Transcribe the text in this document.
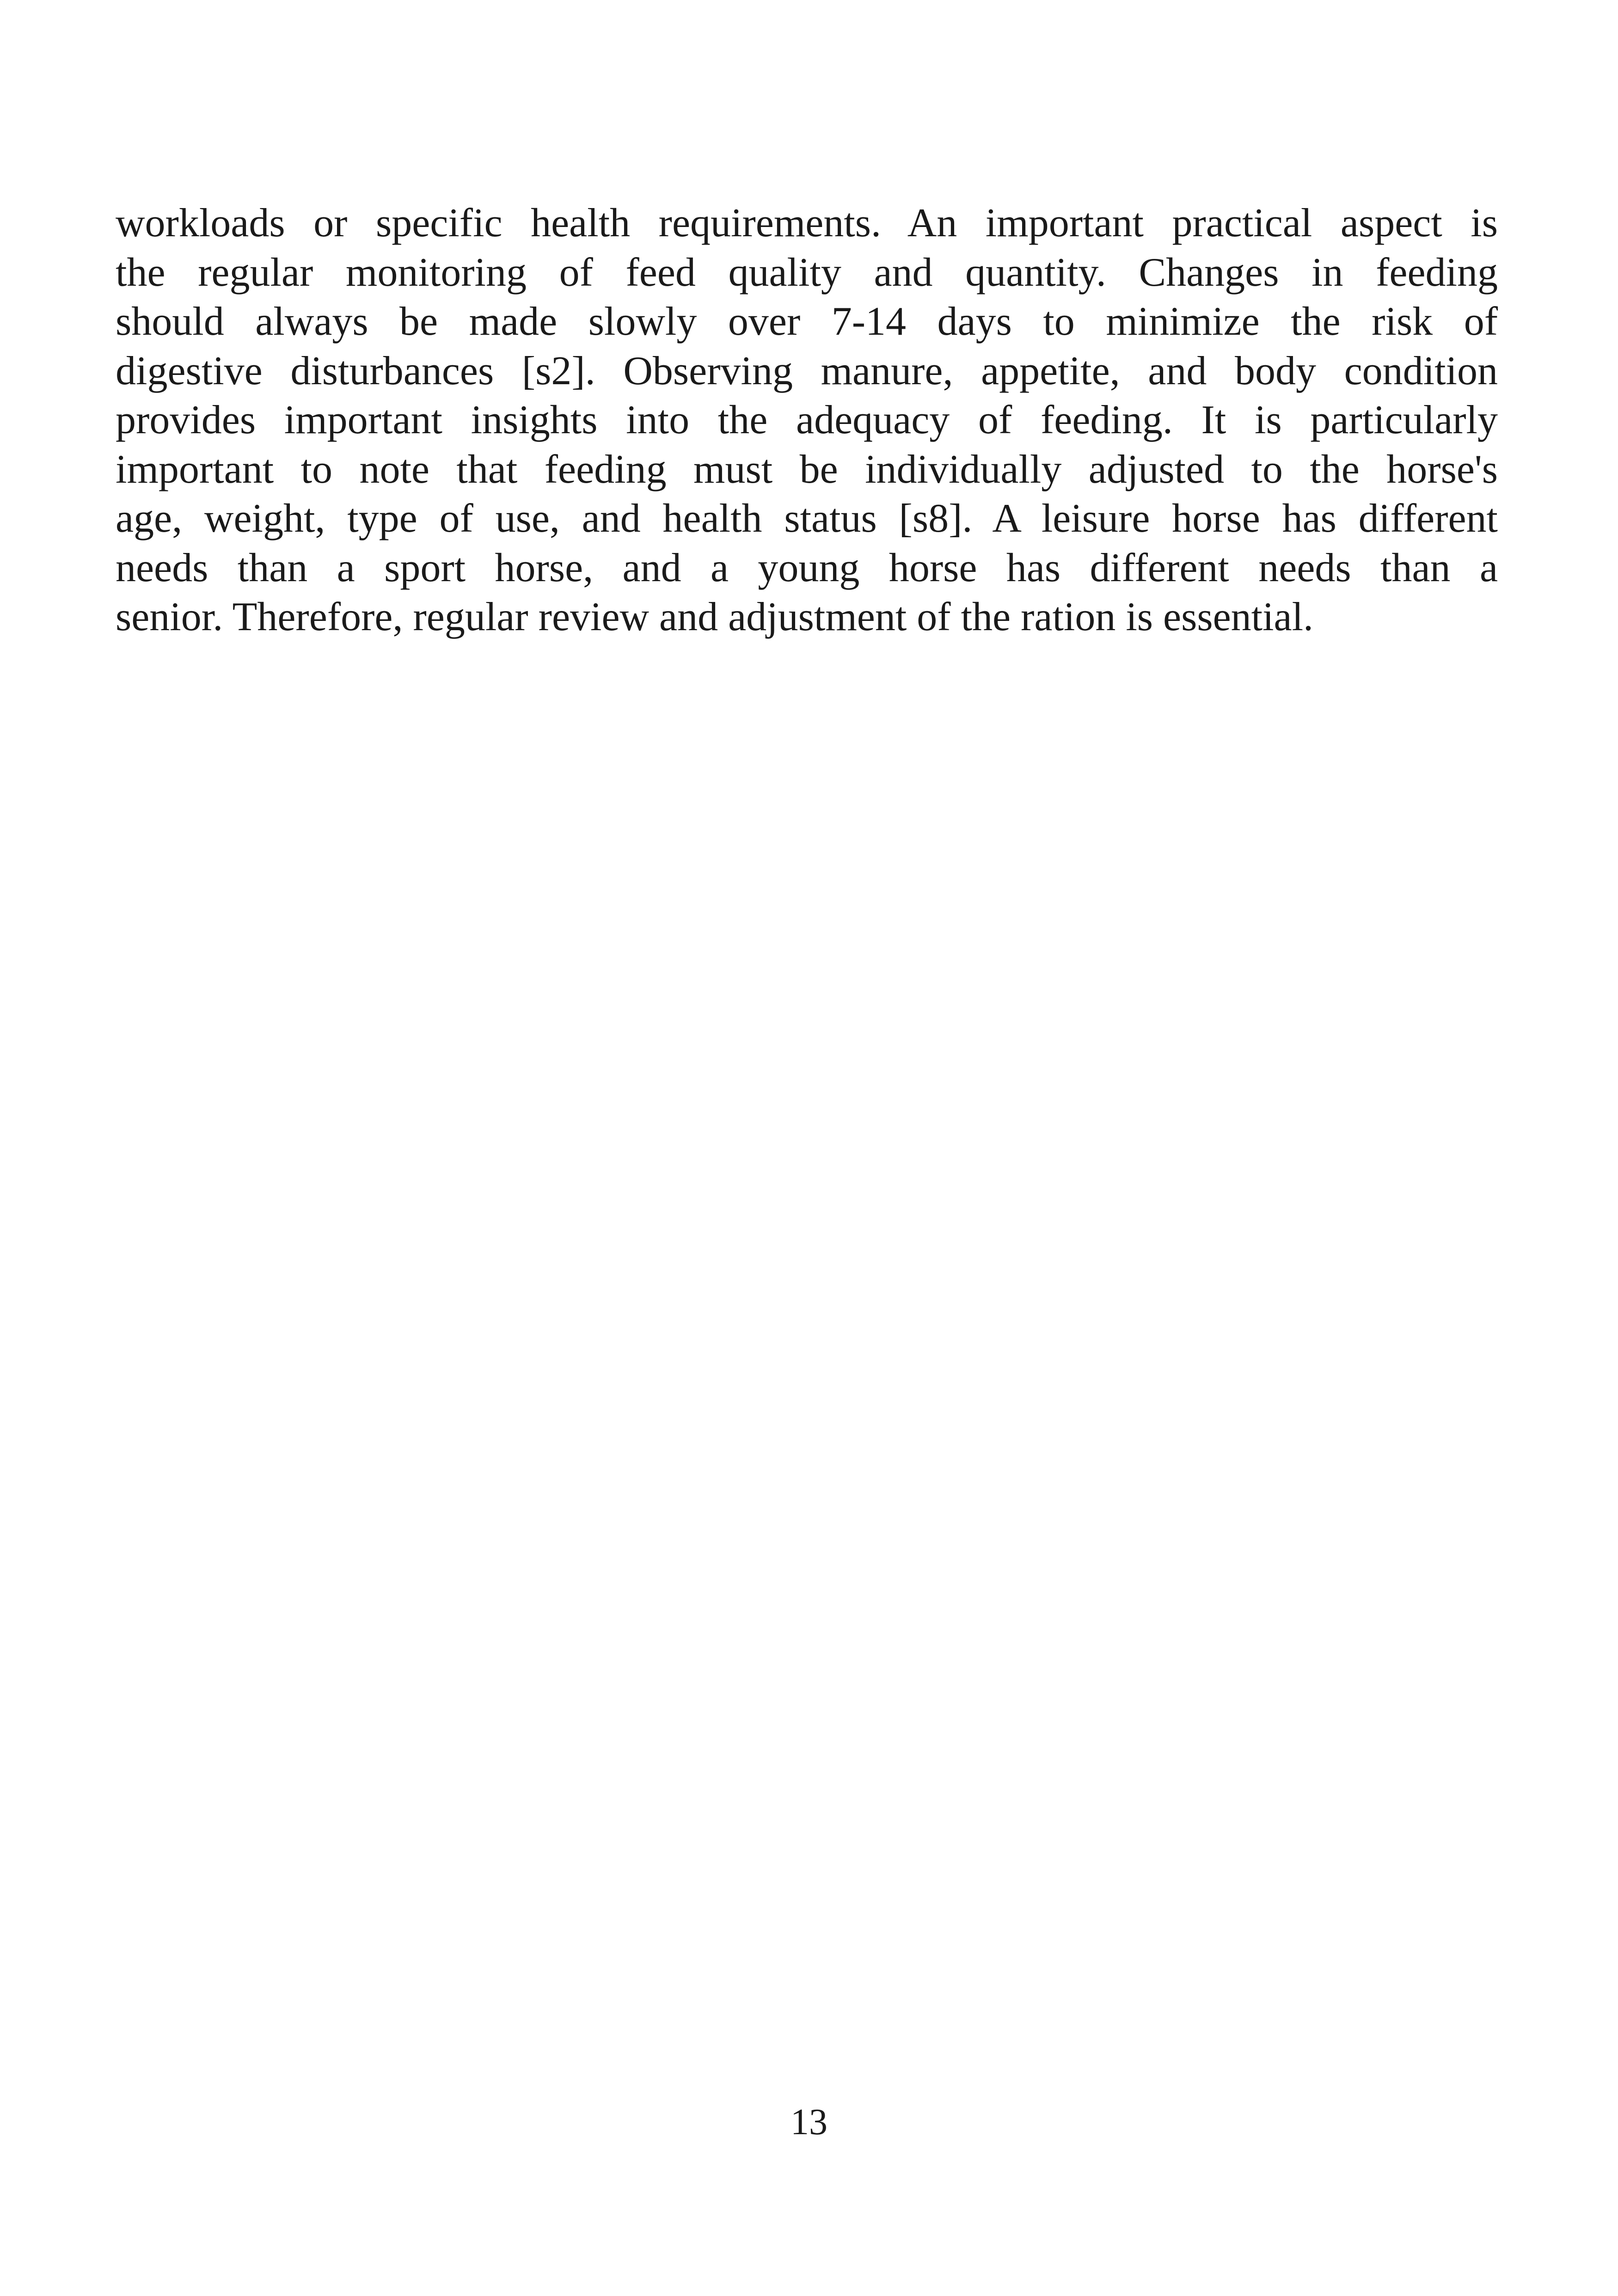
workloads or specific health requirements. An important practical aspect is
the regular monitoring of feed quality and quantity. Changes in feeding
should always be made slowly over 7-14 days to minimize the risk of
digestive disturbances [s2]. Observing manure, appetite, and body condition
provides important insights into the adequacy of feeding. It is particularly
important to note that feeding must be individually adjusted to the horse's
age, weight, type of use, and health status [s8]. A leisure horse has different
needs than a sport horse, and a young horse has different needs than a
senior. Therefore, regular review and adjustment of the ration is essential.
13
